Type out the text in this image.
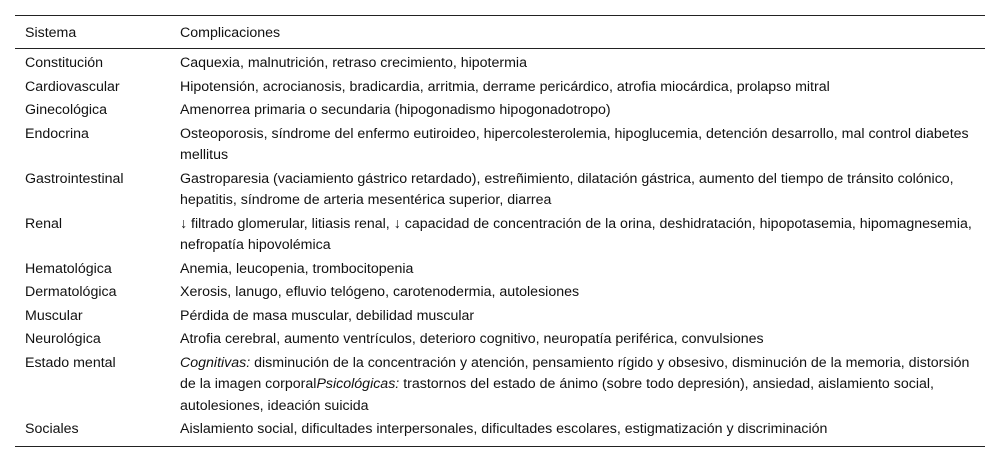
Sistema	Complicaciones
Constitución	Caquexia, malnutrición, retraso crecimiento, hipotermia
Cardiovascular	Hipotensión, acrocianosis, bradicardia, arritmia, derrame pericárdico, atrofia miocárdica, prolapso mitral
Ginecológica	Amenorrea primaria o secundaria (hipogonadismo hipogonadotropo)
Endocrina	Osteoporosis, síndrome del enfermo eutiroideo, hipercolesterolemia, hipoglucemia, detención desarrollo, mal control diabetes mellitus
Gastrointestinal	Gastroparesia (vaciamiento gástrico retardado), estreñimiento, dilatación gástrica, aumento del tiempo de tránsito colónico, hepatitis, síndrome de arteria mesentérica superior, diarrea
Renal	↓ filtrado glomerular, litiasis renal, ↓ capacidad de concentración de la orina, deshidratación, hipopotasemia, hipomagnesemia, nefropatía hipovolémica
Hematológica	Anemia, leucopenia, trombocitopenia
Dermatológica	Xerosis, lanugo, efluvio telógeno, carotenodermia, autolesiones
Muscular	Pérdida de masa muscular, debilidad muscular
Neurológica	Atrofia cerebral, aumento ventrículos, deterioro cognitivo, neuropatía periférica, convulsiones
Estado mental	Cognitivas: disminución de la concentración y atención, pensamiento rígido y obsesivo, disminución de la memoria, distorsión de la imagen corporalPsicológicas: trastornos del estado de ánimo (sobre todo depresión), ansiedad, aislamiento social, autolesiones, ideación suicida
Sociales	Aislamiento social, dificultades interpersonales, dificultades escolares, estigmatización y discriminación
